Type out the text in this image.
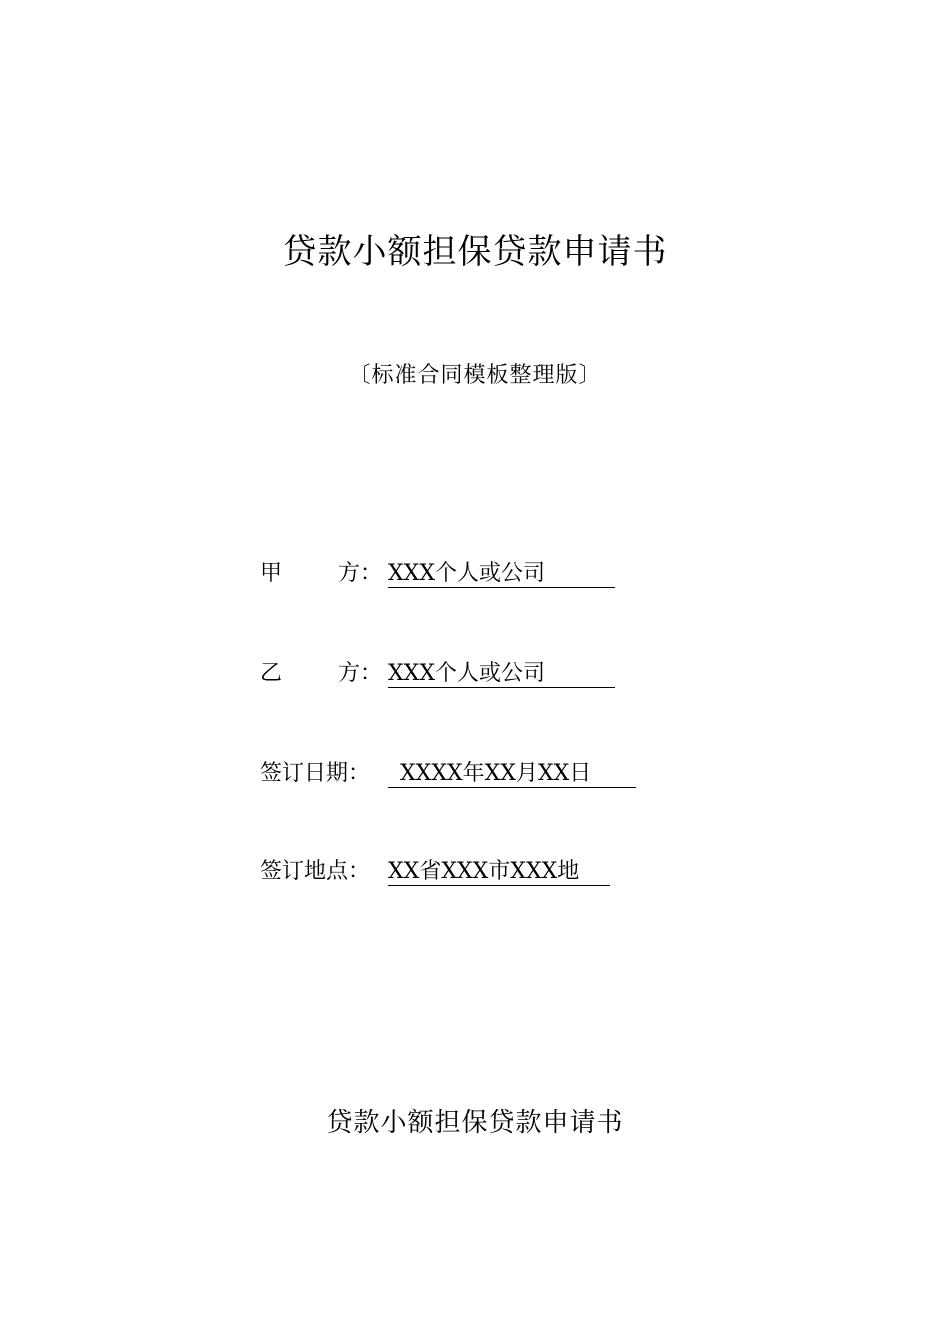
贷款小额担保贷款申请书
〔标准合同模板整理版〕
甲	方： XXX个人或公司
乙	方： XXX个人或公司
签订日期： XXXX年XX月XX日
签订地点： XX省XXX市XXX地
贷款小额担保贷款申请书
